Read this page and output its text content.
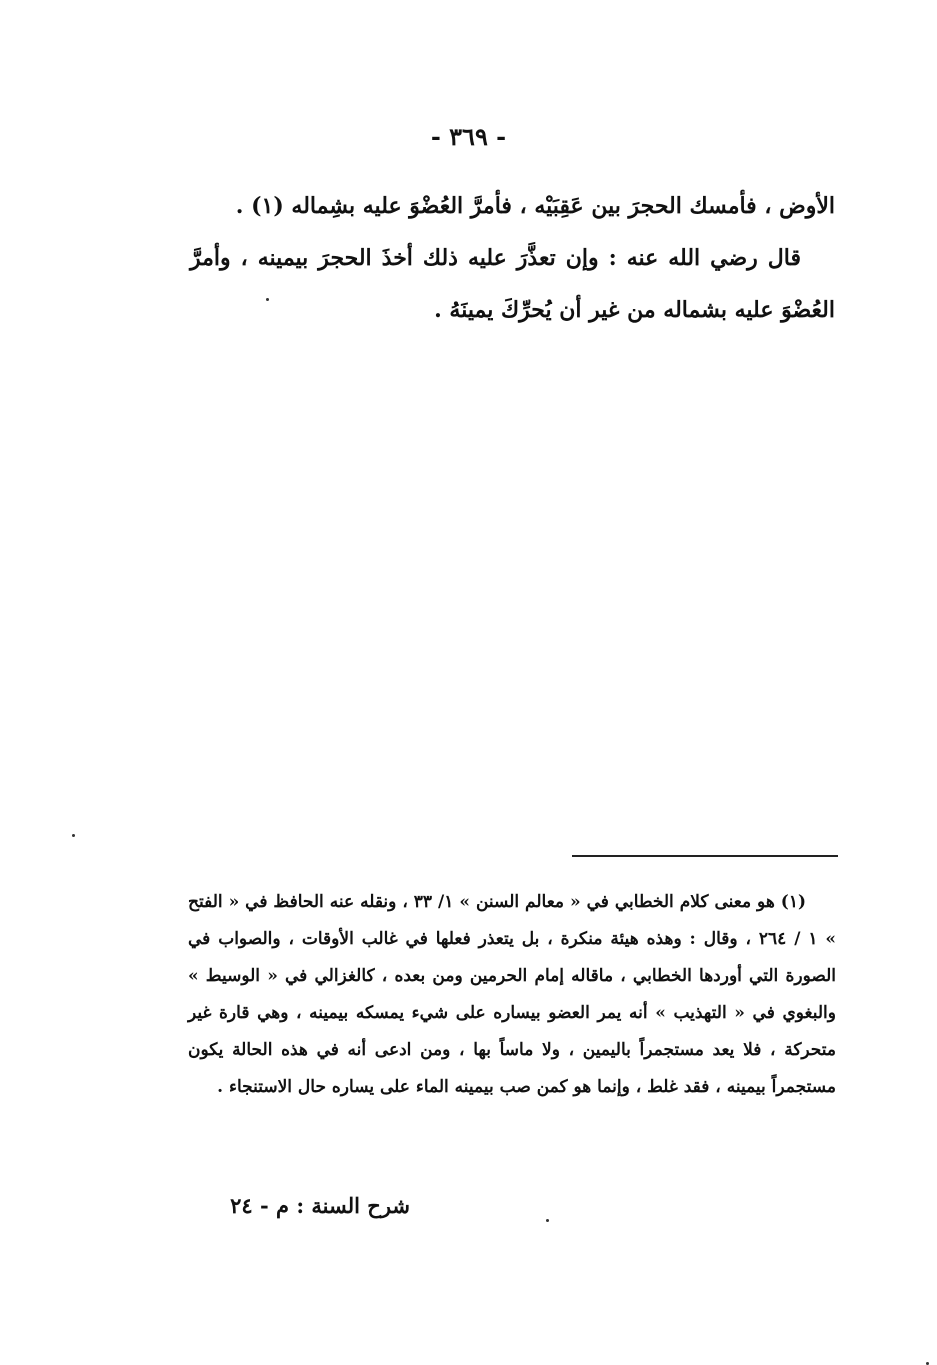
- ٣٦٩ -

الأوض ، فأمسك الحجرَ بين عَقِبَيْه ، فأمرَّ العُضْوَ عليه بشِماله (١) .

قال رضي الله عنه : وإن تعذَّرَ عليه ذلك أخذَ الحجرَ بيمينه ، وأمرَّ العُضْوَ عليه بشماله من غير أن يُحرِّكَ يمينَهُ .

(١) هو معنى كلام الخطابي في « معالم السنن » ١/ ٣٣ ، ونقله عنه الحافظ في « الفتح » ١ / ٢٦٤ ، وقال : وهذه هيئة منكرة ، بل يتعذر فعلها في غالب الأوقات ، والصواب في الصورة التي أوردها الخطابي ، ماقاله إمام الحرمين ومن بعده ، كالغزالي في « الوسيط » والبغوي في « التهذيب » أنه يمر العضو بيساره على شيء يمسكه بيمينه ، وهي قارة غير متحركة ، فلا يعد مستجمراً باليمين ، ولا ماساً بها ، ومن ادعى أنه في هذه الحالة يكون مستجمراً بيمينه ، فقد غلط ، وإنما هو كمن صب بيمينه الماء على يساره حال الاستنجاء .

شرح السنة : م - ٢٤
